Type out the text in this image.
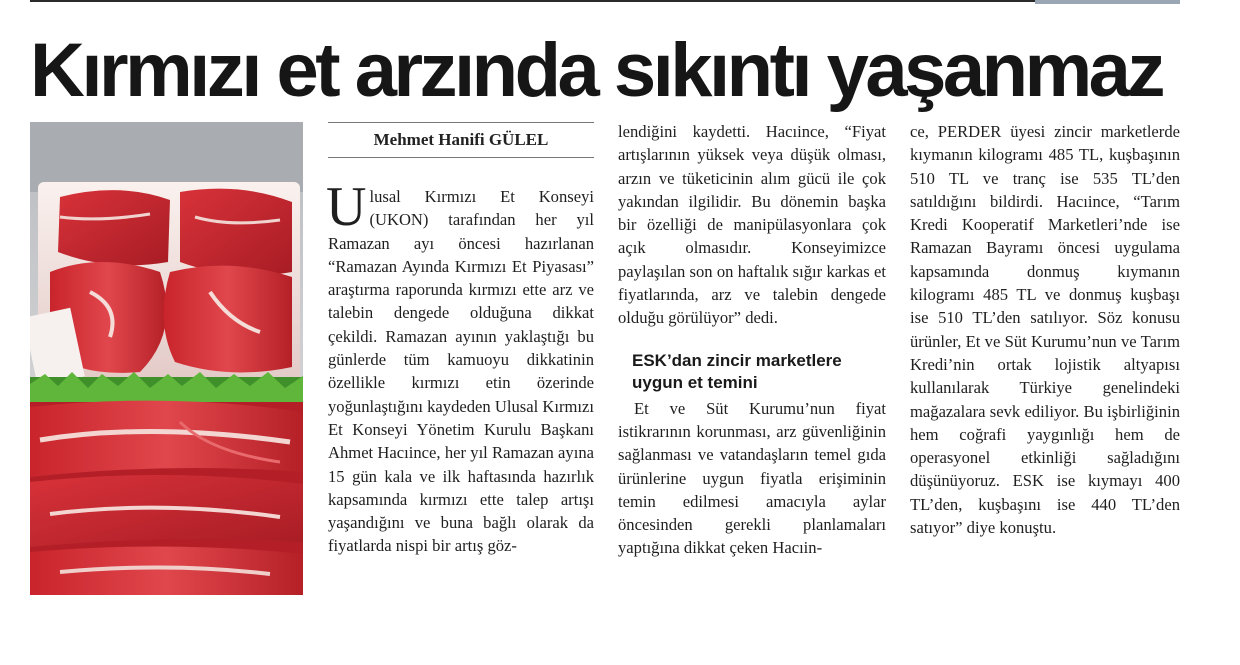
Kırmızı et arzında sıkıntı yaşanmaz
Mehmet Hanifi GÜLEL
U lusal Kırmızı Et Konseyi (UKON) tarafından her yıl Ramazan ayı öncesi hazırlanan “Ramazan Ayında Kırmızı Et Piyasası” araştırma raporunda kırmızı ette arz ve talebin dengede olduğuna dikkat çekildi. Ramazan ayının yaklaştığı bu günlerde tüm kamuoyu dikkatinin özellikle kırmızı etin özerinde yoğunlaştığını kaydeden Ulusal Kırmızı Et Konseyi Yönetim Kurulu Başkanı Ahmet Hacıince, her yıl Ramazan ayına 15 gün kala ve ilk haftasında hazırlık kapsamında kırmızı ette talep artışı yaşandığını ve buna bağlı olarak da fiyatlarda nispi bir artış göz-

lendiğini kaydetti. Hacıince, “Fiyat artışlarının yüksek veya düşük olması, arzın ve tüketicinin alım gücü ile çok yakından ilgilidir. Bu dönemin başka bir özelliği de manipülasyonlara çok açık olmasıdır. Konseyimizce paylaşılan son on haftalık sığır karkas et fiyatlarında, arz ve talebin dengede olduğu görülüyor” dedi.

ESK’dan zincir marketlere uygun et temini

Et ve Süt Kurumu’nun fiyat istikrarının korunması, arz güvenliğinin sağlanması ve vatandaşların temel gıda ürünlerine uygun fiyatla erişiminin temin edilmesi amacıyla aylar öncesinden gerekli planlamaları yaptığına dikkat çeken Hacıin-

ce, PERDER üyesi zincir marketlerde kıymanın kilogramı 485 TL, kuşbaşının 510 TL ve tranç ise 535 TL’den satıldığını bildirdi. Hacıince, “Tarım Kredi Kooperatif Marketleri’nde ise Ramazan Bayramı öncesi uygulama kapsamında donmuş kıymanın kilogramı 485 TL ve donmuş kuşbaşı ise 510 TL’den satılıyor. Söz konusu ürünler, Et ve Süt Kurumu’nun ve Tarım Kredi’nin ortak lojistik altyapısı kullanılarak Türkiye genelindeki mağazalara sevk ediliyor. Bu işbirliğinin hem coğrafi yaygınlığı hem de operasyonel etkinliği sağladığını düşünüyoruz. ESK ise kıymayı 400 TL’den, kuşbaşını ise 440 TL’den satıyor” diye konuştu.
